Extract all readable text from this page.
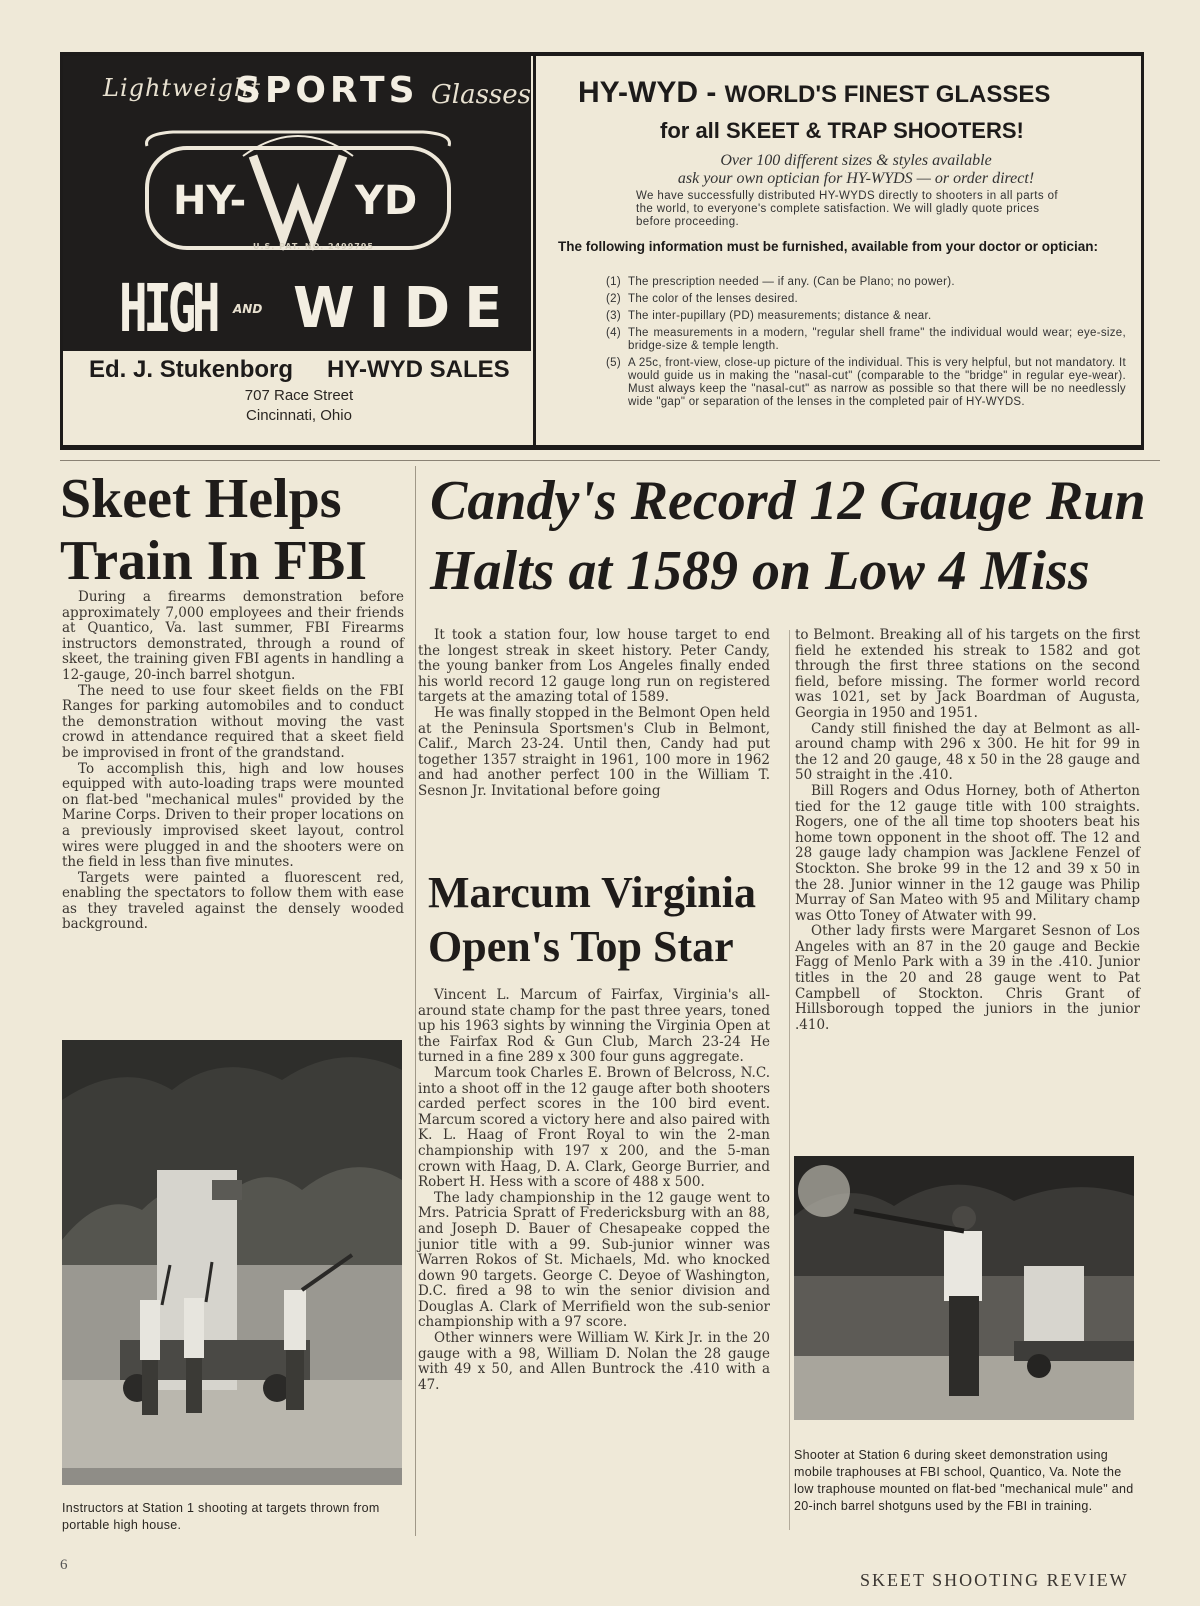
Lightweight
SPORTS Glasses
HY-	YD
U.S. PAT. NO. 2499795
HIGH AND WIDE
Ed. J. Stukenborg HY-WYD SALES
707 Race Street
Cincinnati, Ohio
HY-WYD - WORLD'S FINEST GLASSES
for all SKEET & TRAP SHOOTERS!
Over 100 different sizes & styles available
ask your own optician for HY-WYDS — or order direct!
We have successfully distributed HY-WYDS directly to shooters in all parts of the world, to everyone's complete satisfaction. We will gladly quote prices before proceeding.
The following information must be furnished, available from your doctor or optician:
(1) The prescription needed — if any. (Can be Plano; no power).
(2) The color of the lenses desired.
(3) The inter-pupillary (PD) measurements; distance & near.
(4) The measurements in a modern, "regular shell frame" the individual would wear; eye-size, bridge-size & temple length.
(5) A 25c, front-view, close-up picture of the individual. This is very helpful, but not mandatory. It would guide us in making the "nasal-cut" (comparable to the "bridge" in regular eye-wear). Must always keep the "nasal-cut" as narrow as possible so that there will be no needlessly wide "gap" or separation of the lenses in the completed pair of HY-WYDS.
Skeet Helps
Train In FBI

During a firearms demonstration before approximately 7,000 employees and their friends at Quantico, Va. last summer, FBI Firearms instructors demonstrated, through a round of skeet, the training given FBI agents in handling a 12-gauge, 20-inch barrel shotgun.

The need to use four skeet fields on the FBI Ranges for parking automobiles and to conduct the demonstration without moving the vast crowd in attendance required that a skeet field be improvised in front of the grandstand.

To accomplish this, high and low houses equipped with auto-loading traps were mounted on flat-bed "mechanical mules" provided by the Marine Corps. Driven to their proper locations on a previously improvised skeet layout, control wires were plugged in and the shooters were on the field in less than five minutes.

Targets were painted a fluorescent red, enabling the spectators to follow them with ease as they traveled against the densely wooded background.

Instructors at Station 1 shooting at targets thrown from portable high house.
Candy's Record 12 Gauge Run
Halts at 1589 on Low 4 Miss

It took a station four, low house target to end the longest streak in skeet history. Peter Candy, the young banker from Los Angeles finally ended his world record 12 gauge long run on registered targets at the amazing total of 1589.

He was finally stopped in the Belmont Open held at the Peninsula Sportsmen's Club in Belmont, Calif., March 23-24. Until then, Candy had put together 1357 straight in 1961, 100 more in 1962 and had another perfect 100 in the William T. Sesnon Jr. Invitational before going

to Belmont. Breaking all of his targets on the first field he extended his streak to 1582 and got through the first three stations on the second field, before missing. The former world record was 1021, set by Jack Boardman of Augusta, Georgia in 1950 and 1951.

Candy still finished the day at Belmont as all-around champ with 296 x 300. He hit for 99 in the 12 and 20 gauge, 48 x 50 in the 28 gauge and 50 straight in the .410.

Bill Rogers and Odus Horney, both of Atherton tied for the 12 gauge title with 100 straights. Rogers, one of the all time top shooters beat his home town opponent in the shoot off. The 12 and 28 gauge lady champion was Jacklene Fenzel of Stockton. She broke 99 in the 12 and 39 x 50 in the 28. Junior winner in the 12 gauge was Philip Murray of San Mateo with 95 and Military champ was Otto Toney of Atwater with 99.

Other lady firsts were Margaret Sesnon of Los Angeles with an 87 in the 20 gauge and Beckie Fagg of Menlo Park with a 39 in the .410. Junior titles in the 20 and 28 gauge went to Pat Campbell of Stockton. Chris Grant of Hillsborough topped the juniors in the junior .410.

Shooter at Station 6 during skeet demonstration using mobile traphouses at FBI school, Quantico, Va. Note the low traphouse mounted on flat-bed "mechanical mule" and 20-inch barrel shotguns used by the FBI in training.
Marcum Virginia
Open's Top Star

Vincent L. Marcum of Fairfax, Virginia's all-around state champ for the past three years, toned up his 1963 sights by winning the Virginia Open at the Fairfax Rod & Gun Club, March 23-24 He turned in a fine 289 x 300 four guns aggregate.

Marcum took Charles E. Brown of Belcross, N.C. into a shoot off in the 12 gauge after both shooters carded perfect scores in the 100 bird event. Marcum scored a victory here and also paired with K. L. Haag of Front Royal to win the 2-man championship with 197 x 200, and the 5-man crown with Haag, D. A. Clark, George Burrier, and Robert H. Hess with a score of 488 x 500.

The lady championship in the 12 gauge went to Mrs. Patricia Spratt of Fredericksburg with an 88, and Joseph D. Bauer of Chesapeake copped the junior title with a 99. Sub-junior winner was Warren Rokos of St. Michaels, Md. who knocked down 90 targets. George C. Deyoe of Washington, D.C. fired a 98 to win the senior division and Douglas A. Clark of Merrifield won the sub-senior championship with a 97 score.

Other winners were William W. Kirk Jr. in the 20 gauge with a 98, William D. Nolan the 28 gauge with 49 x 50, and Allen Buntrock the .410 with a 47.

6
SKEET SHOOTING REVIEW
